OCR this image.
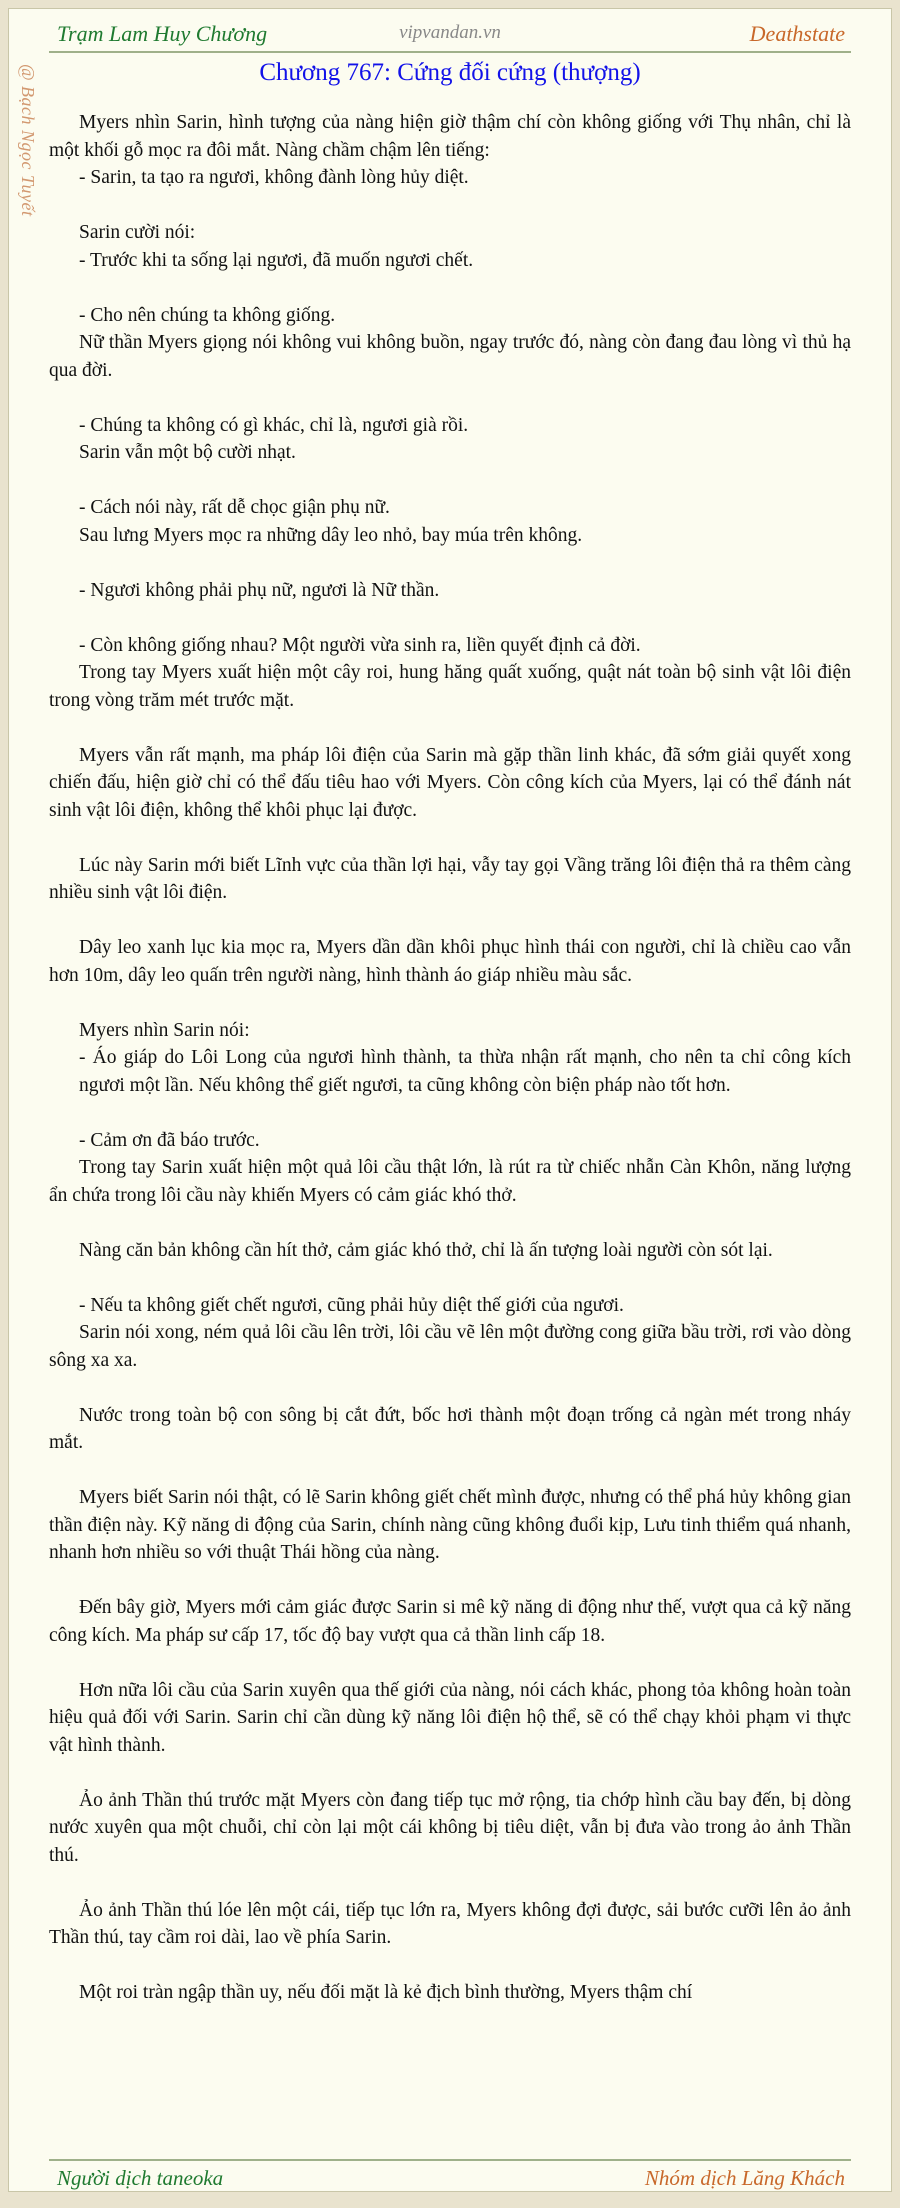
Trạm Lam Huy Chương	vipvandan.vn	Deathstate
@ Bạch Ngọc Tuyết	Chương 767: Cứng đối cứng (thượng)

Myers nhìn Sarin, hình tượng của nàng hiện giờ thậm chí còn không giống với Thụ nhân, chỉ là một khối gỗ mọc ra đôi mắt. Nàng chầm chậm lên tiếng:

- Sarin, ta tạo ra ngươi, không đành lòng hủy diệt.

Sarin cười nói:

- Trước khi ta sống lại ngươi, đã muốn ngươi chết.

- Cho nên chúng ta không giống.

Nữ thần Myers giọng nói không vui không buồn, ngay trước đó, nàng còn đang đau lòng vì thủ hạ qua đời.

- Chúng ta không có gì khác, chỉ là, ngươi già rồi.

Sarin vẫn một bộ cười nhạt.

- Cách nói này, rất dễ chọc giận phụ nữ.

Sau lưng Myers mọc ra những dây leo nhỏ, bay múa trên không.

- Ngươi không phải phụ nữ, ngươi là Nữ thần.

- Còn không giống nhau? Một người vừa sinh ra, liền quyết định cả đời.

Trong tay Myers xuất hiện một cây roi, hung hăng quất xuống, quật nát toàn bộ sinh vật lôi điện trong vòng trăm mét trước mặt.

Myers vẫn rất mạnh, ma pháp lôi điện của Sarin mà gặp thần linh khác, đã sớm giải quyết xong chiến đấu, hiện giờ chỉ có thể đấu tiêu hao với Myers. Còn công kích của Myers, lại có thể đánh nát sinh vật lôi điện, không thể khôi phục lại được.

Lúc này Sarin mới biết Lĩnh vực của thần lợi hại, vẫy tay gọi Vầng trăng lôi điện thả ra thêm càng nhiều sinh vật lôi điện.

Dây leo xanh lục kia mọc ra, Myers dần dần khôi phục hình thái con người, chỉ là chiều cao vẫn hơn 10m, dây leo quấn trên người nàng, hình thành áo giáp nhiều màu sắc.

Myers nhìn Sarin nói:

- Áo giáp do Lôi Long của ngươi hình thành, ta thừa nhận rất mạnh, cho nên ta chỉ công kích ngươi một lần. Nếu không thể giết ngươi, ta cũng không còn biện pháp nào tốt hơn.

- Cảm ơn đã báo trước.

Trong tay Sarin xuất hiện một quả lôi cầu thật lớn, là rút ra từ chiếc nhẫn Càn Khôn, năng lượng ẩn chứa trong lôi cầu này khiến Myers có cảm giác khó thở.

Nàng căn bản không cần hít thở, cảm giác khó thở, chỉ là ấn tượng loài người còn sót lại.

- Nếu ta không giết chết ngươi, cũng phải hủy diệt thế giới của ngươi.

Sarin nói xong, ném quả lôi cầu lên trời, lôi cầu vẽ lên một đường cong giữa bầu trời, rơi vào dòng sông xa xa.

Nước trong toàn bộ con sông bị cắt đứt, bốc hơi thành một đoạn trống cả ngàn mét trong nháy mắt.

Myers biết Sarin nói thật, có lẽ Sarin không giết chết mình được, nhưng có thể phá hủy không gian thần điện này. Kỹ năng di động của Sarin, chính nàng cũng không đuổi kịp, Lưu tinh thiểm quá nhanh, nhanh hơn nhiều so với thuật Thái hồng của nàng.

Đến bây giờ, Myers mới cảm giác được Sarin si mê kỹ năng di động như thế, vượt qua cả kỹ năng công kích. Ma pháp sư cấp 17, tốc độ bay vượt qua cả thần linh cấp 18.

Hơn nữa lôi cầu của Sarin xuyên qua thế giới của nàng, nói cách khác, phong tỏa không hoàn toàn hiệu quả đối với Sarin. Sarin chỉ cần dùng kỹ năng lôi điện hộ thể, sẽ có thể chạy khỏi phạm vi thực vật hình thành.

Ảo ảnh Thần thú trước mặt Myers còn đang tiếp tục mở rộng, tia chớp hình cầu bay đến, bị dòng nước xuyên qua một chuỗi, chỉ còn lại một cái không bị tiêu diệt, vẫn bị đưa vào trong ảo ảnh Thần thú.

Ảo ảnh Thần thú lóe lên một cái, tiếp tục lớn ra, Myers không đợi được, sải bước cưỡi lên ảo ảnh Thần thú, tay cầm roi dài, lao về phía Sarin.

Một roi tràn ngập thần uy, nếu đối mặt là kẻ địch bình thường, Myers thậm chí

Người dịch taneoka	Nhóm dịch Lăng Khách
